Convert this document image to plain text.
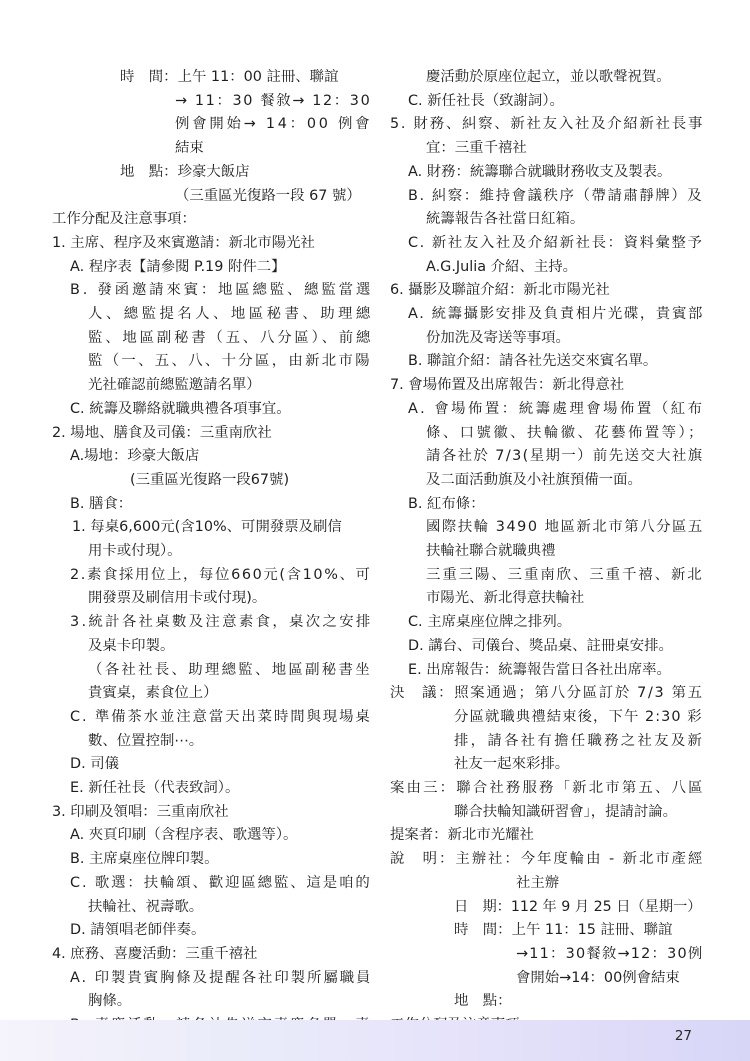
時　間：上午 11：00 註冊、聯誼
→ 11：30 餐敘→ 12：30
例會開始→ 14：00 例會
結束
地　點：珍豪大飯店
（三重區光復路一段 67 號）
工作分配及注意事項：
1. 主席、程序及來賓邀請：新北市陽光社
A. 程序表【請參閱 P.19 附件二】
B. 發函邀請來賓：地區總監、總監當選
人、總監提名人、地區秘書、助理總
監、地區副秘書（五、八分區）、前總
監（一、五、八、十分區，由新北市陽
光社確認前總監邀請名單）
C. 統籌及聯絡就職典禮各項事宜。
2. 場地、膳食及司儀：三重南欣社
A.場地：珍豪大飯店
(三重區光復路一段67號)
B. 膳食：
1. 每桌6,600元(含10%、可開發票及刷信
用卡或付現）。
2.素食採用位上，每位660元(含10%、可
開發票及刷信用卡或付現)。
3.統計各社桌數及注意素食，桌次之安排
及桌卡印製。
（各社社長、助理總監、地區副秘書坐
貴賓桌，素食位上）
C. 準備茶水並注意當天出菜時間與現場桌
數、位置控制⋯。
D. 司儀
E. 新任社長（代表致詞）。
3. 印刷及領唱：三重南欣社
A. 夾頁印刷（含程序表、歌選等）。
B. 主席桌座位牌印製。
C. 歌選：扶輪頌、歡迎區總監、這是咱的
扶輪社、祝壽歌。
D. 請領唱老師伴奏。
4. 庶務、喜慶活動：三重千禧社
A. 印製貴賓胸條及提醒各社印製所屬職員
胸條。
慶活動於原座位起立，並以歌聲祝賀。
C. 新任社長（致謝詞）。
5. 財務、糾察、新社友入社及介紹新社長事
宜：三重千禧社
A. 財務：統籌聯合就職財務收支及製表。
B. 糾察：維持會議秩序（帶請肅靜牌）及
統籌報告各社當日紅箱。
C. 新社友入社及介紹新社長：資料彙整予
A.G.Julia 介紹、主持。
6. 攝影及聯誼介紹：新北市陽光社
A. 統籌攝影安排及負責相片光碟，貴賓部
份加洗及寄送等事項。
B. 聯誼介紹：請各社先送交來賓名單。
7. 會場佈置及出席報告：新北得意社
A. 會場佈置：統籌處理會場佈置（紅布
條、口號徽、扶輪徽、花藝佈置等）；
請各社於 7/3(星期一）前先送交大社旗
及二面活動旗及小社旗預備一面。
B. 紅布條：
國際扶輪 3490 地區新北市第八分區五
扶輪社聯合就職典禮
三重三陽、三重南欣、三重千禧、新北
市陽光、新北得意扶輪社
C. 主席桌座位牌之排列。
D. 講台、司儀台、獎品桌、註冊桌安排。
E. 出席報告：統籌報告當日各社出席率。
決　議：照案通過；第八分區訂於 7/3 第五
分區就職典禮結束後，下午 2:30 彩
排，請各社有擔任職務之社友及新
社友一起來彩排。
案由三：聯合社務服務「新北市第五、八區
聯合扶輪知識研習會」，提請討論。
提案者：新北市光耀社
說　明：主辦社：今年度輪由 - 新北市產經
社主辦
日　期：112 年 9 月 25 日（星期一）
時　間：上午 11：15 註冊、聯誼
→11：30餐敘→12：30例
會開始→14：00例會結束
地　點：
27
